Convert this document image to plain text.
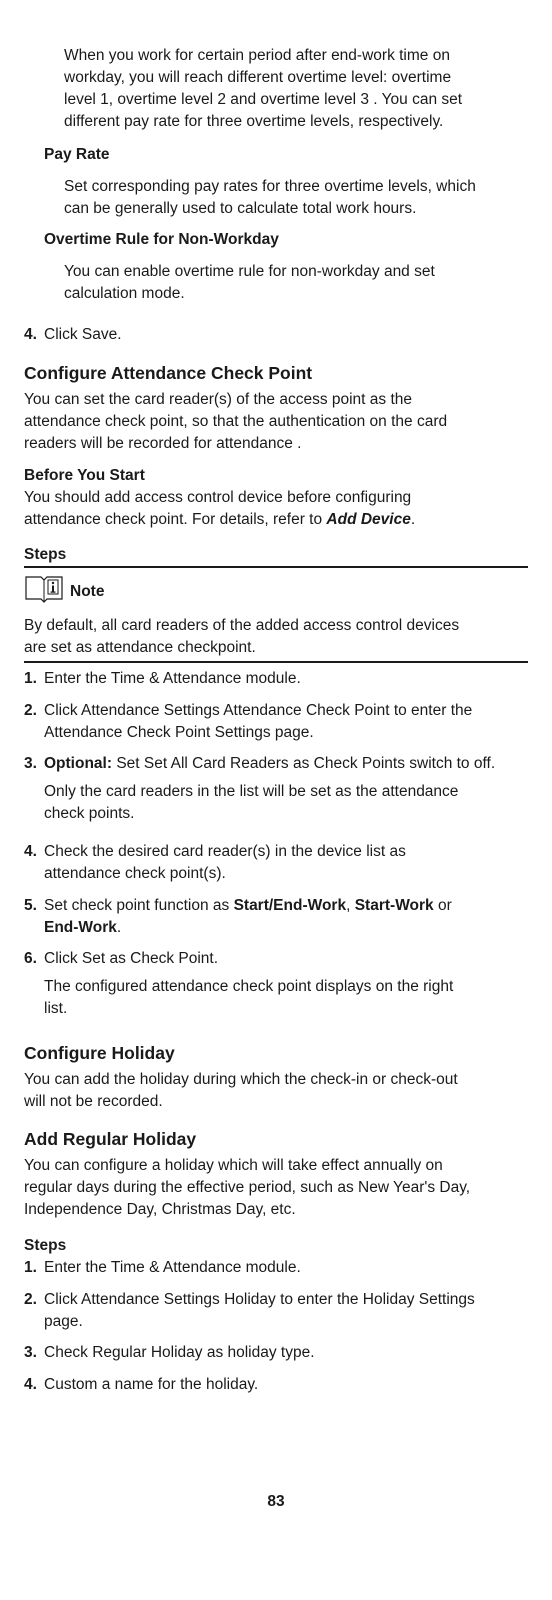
When you work for certain period after end-work time on

workday, you will reach different overtime level: overtime

level 1, overtime level 2 and overtime level 3 . You can set

different pay rate for three overtime levels, respectively.

Pay Rate

Set corresponding pay rates for three overtime levels, which

can be generally used to calculate total work hours.

Overtime Rule for Non-Workday

You can enable overtime rule for non-workday and set

calculation mode.

4. Click Save.

Configure Attendance Check Point

You can set the card reader(s) of the access point as the

attendance check point, so that the authentication on the card

readers will be recorded for attendance .

Before You Start

You should add access control device before configuring

attendance check point. For details, refer to Add Device.

Steps

Note

By default, all card readers of the added access control devices

are set as attendance checkpoint.

1. Enter the Time & Attendance module.
2. Click Attendance Settings Attendance Check Point to enter the
Attendance Check Point Settings page.
3. Optional: Set Set All Card Readers as Check Points switch to off.

Only the card readers in the list will be set as the attendance

check points.

4. Check the desired card reader(s) in the device list as
attendance check point(s).
5. Set check point function as Start/End-Work, Start-Work or
End-Work.
6. Click Set as Check Point.

The configured attendance check point displays on the right

list.

Configure Holiday

You can add the holiday during which the check-in or check-out

will not be recorded.

Add Regular Holiday

You can configure a holiday which will take effect annually on

regular days during the effective period, such as New Year's Day,

Independence Day, Christmas Day, etc.

Steps

1. Enter the Time & Attendance module.
2. Click Attendance Settings Holiday to enter the Holiday Settings
page.
3. Check Regular Holiday as holiday type.
4. Custom a name for the holiday.
83
